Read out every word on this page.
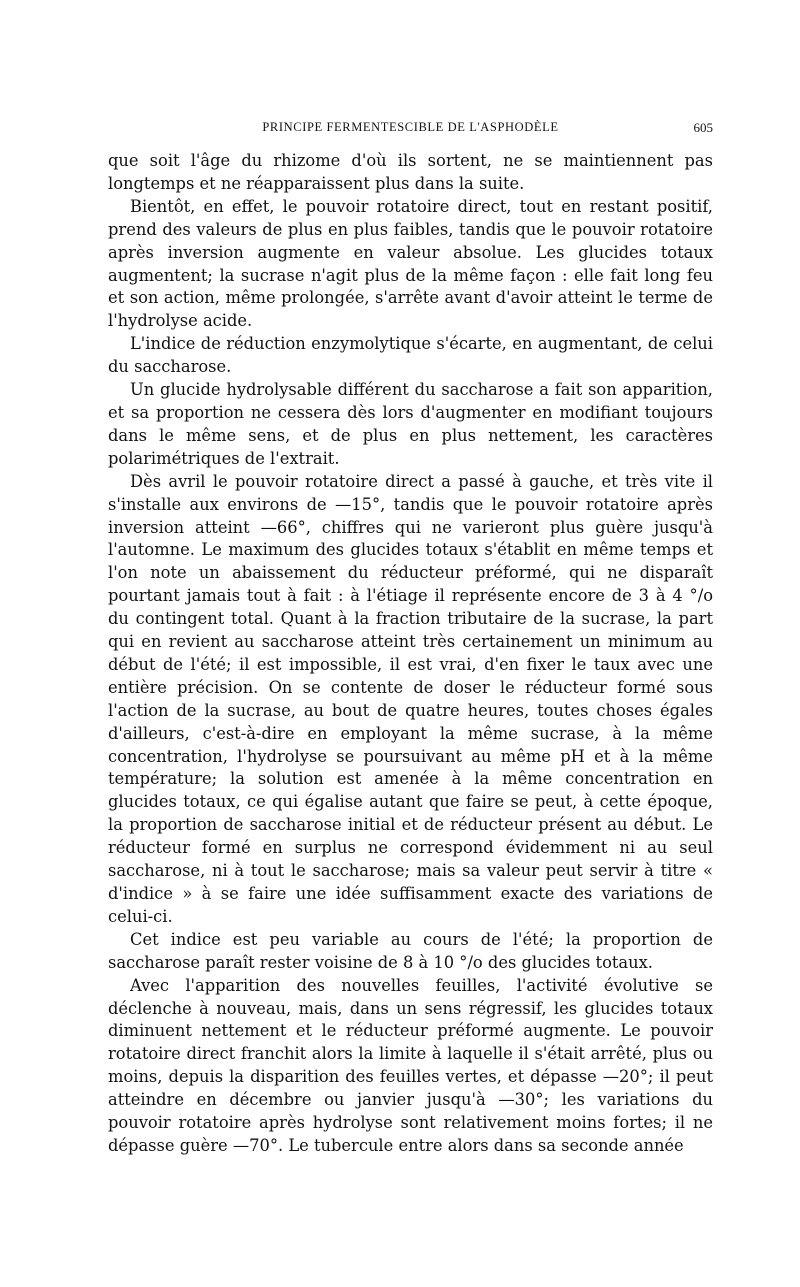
PRINCIPE FERMENTESCIBLE DE L'ASPHODÈLE	605

que soit l'âge du rhizome d'où ils sortent, ne se maintiennent pas longtemps et ne réapparaissent plus dans la suite.

Bientôt, en effet, le pouvoir rotatoire direct, tout en restant positif, prend des valeurs de plus en plus faibles, tandis que le pouvoir rotatoire après inversion augmente en valeur absolue. Les glucides totaux augmentent; la sucrase n'agit plus de la même façon : elle fait long feu et son action, même prolongée, s'arrête avant d'avoir atteint le terme de l'hydrolyse acide.

L'indice de réduction enzymolytique s'écarte, en augmentant, de celui du saccharose.

Un glucide hydrolysable différent du saccharose a fait son apparition, et sa proportion ne cessera dès lors d'augmenter en modifiant toujours dans le même sens, et de plus en plus nettement, les caractères polarimétriques de l'extrait.

Dès avril le pouvoir rotatoire direct a passé à gauche, et très vite il s'installe aux environs de —15°, tandis que le pouvoir rotatoire après inversion atteint —66°, chiffres qui ne varieront plus guère jusqu'à l'automne. Le maximum des glucides totaux s'établit en même temps et l'on note un abaissement du réducteur préformé, qui ne disparaît pourtant jamais tout à fait : à l'étiage il représente encore de 3 à 4 °/o du contingent total. Quant à la fraction tributaire de la sucrase, la part qui en revient au saccharose atteint très certainement un minimum au début de l'été; il est impossible, il est vrai, d'en fixer le taux avec une entière précision. On se contente de doser le réducteur formé sous l'action de la sucrase, au bout de quatre heures, toutes choses égales d'ailleurs, c'est-à-dire en employant la même sucrase, à la même concentration, l'hydrolyse se poursuivant au même pH et à la même température; la solution est amenée à la même concentration en glucides totaux, ce qui égalise autant que faire se peut, à cette époque, la proportion de saccharose initial et de réducteur présent au début. Le réducteur formé en surplus ne correspond évidemment ni au seul saccharose, ni à tout le saccharose; mais sa valeur peut servir à titre « d'indice » à se faire une idée suffisamment exacte des variations de celui-ci.

Cet indice est peu variable au cours de l'été; la proportion de saccharose paraît rester voisine de 8 à 10 °/o des glucides totaux.

Avec l'apparition des nouvelles feuilles, l'activité évolutive se déclenche à nouveau, mais, dans un sens régressif, les glucides totaux diminuent nettement et le réducteur préformé augmente. Le pouvoir rotatoire direct franchit alors la limite à laquelle il s'était arrêté, plus ou moins, depuis la disparition des feuilles vertes, et dépasse —20°; il peut atteindre en décembre ou janvier jusqu'à —30°; les variations du pouvoir rotatoire après hydrolyse sont relativement moins fortes; il ne dépasse guère —70°. Le tubercule entre alors dans sa seconde année
